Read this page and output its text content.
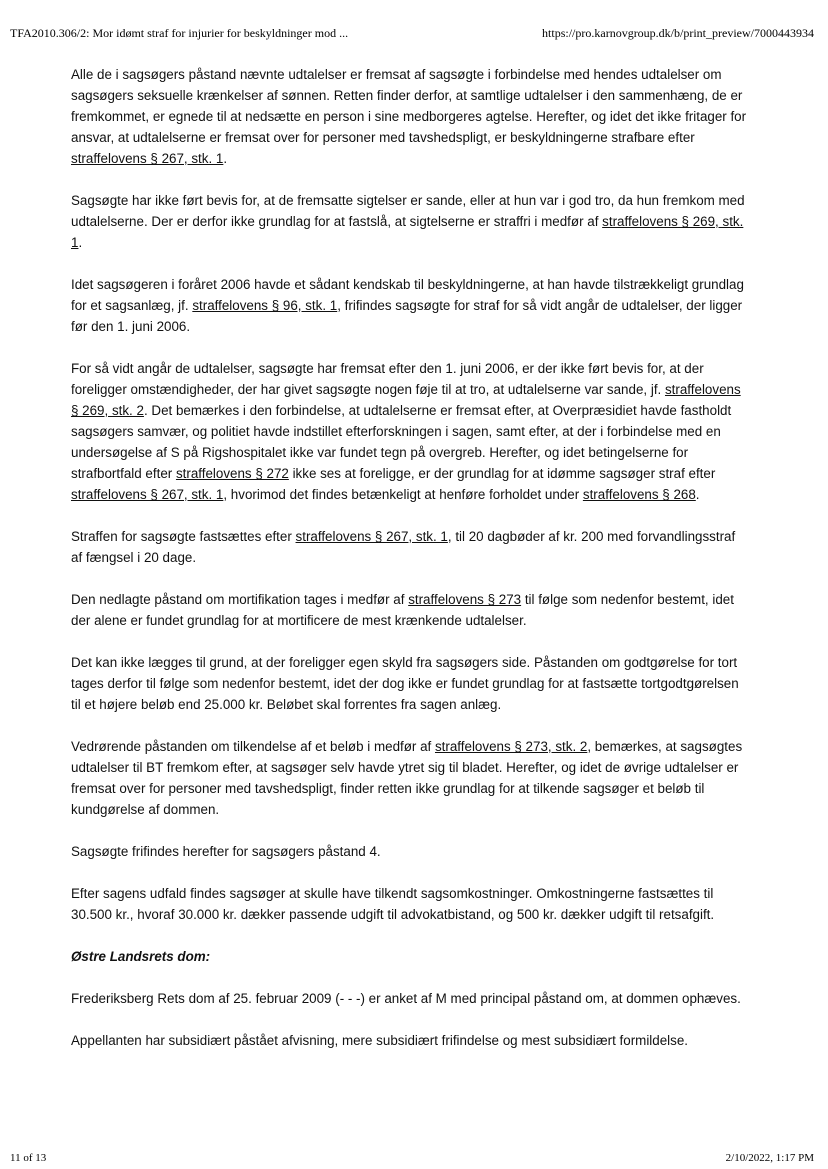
TFA2010.306/2: Mor idømt straf for injurier for beskyldninger mod ...	https://pro.karnovgroup.dk/b/print_preview/7000443934

Alle de i sagsøgers påstand nævnte udtalelser er fremsat af sagsøgte i forbindelse med hendes udtalelser om sagsøgers seksuelle krænkelser af sønnen. Retten finder derfor, at samtlige udtalelser i den sammenhæng, de er fremkommet, er egnede til at nedsætte en person i sine medborgeres agtelse. Herefter, og idet det ikke fritager for ansvar, at udtalelserne er fremsat over for personer med tavshedspligt, er beskyldningerne strafbare efter straffelovens § 267, stk. 1.

Sagsøgte har ikke ført bevis for, at de fremsatte sigtelser er sande, eller at hun var i god tro, da hun fremkom med udtalelserne. Der er derfor ikke grundlag for at fastslå, at sigtelserne er straffri i medfør af straffelovens § 269, stk. 1.

Idet sagsøgeren i foråret 2006 havde et sådant kendskab til beskyldningerne, at han havde tilstrækkeligt grundlag for et sagsanlæg, jf. straffelovens § 96, stk. 1, frifindes sagsøgte for straf for så vidt angår de udtalelser, der ligger før den 1. juni 2006.

For så vidt angår de udtalelser, sagsøgte har fremsat efter den 1. juni 2006, er der ikke ført bevis for, at der foreligger omstændigheder, der har givet sagsøgte nogen føje til at tro, at udtalelserne var sande, jf. straffelovens § 269, stk. 2. Det bemærkes i den forbindelse, at udtalelserne er fremsat efter, at Overpræsidiet havde fastholdt sagsøgers samvær, og politiet havde indstillet efterforskningen i sagen, samt efter, at der i forbindelse med en undersøgelse af S på Rigshospitalet ikke var fundet tegn på overgreb. Herefter, og idet betingelserne for strafbortfald efter straffelovens § 272 ikke ses at foreligge, er der grundlag for at idømme sagsøger straf efter straffelovens § 267, stk. 1, hvorimod det findes betænkeligt at henføre forholdet under straffelovens § 268.

Straffen for sagsøgte fastsættes efter straffelovens § 267, stk. 1, til 20 dagbøder af kr. 200 med forvandlingsstraf af fængsel i 20 dage.

Den nedlagte påstand om mortifikation tages i medfør af straffelovens § 273 til følge som nedenfor bestemt, idet der alene er fundet grundlag for at mortificere de mest krænkende udtalelser.

Det kan ikke lægges til grund, at der foreligger egen skyld fra sagsøgers side. Påstanden om godtgørelse for tort tages derfor til følge som nedenfor bestemt, idet der dog ikke er fundet grundlag for at fastsætte tortgodtgørelsen til et højere beløb end 25.000 kr. Beløbet skal forrentes fra sagen anlæg.

Vedrørende påstanden om tilkendelse af et beløb i medfør af straffelovens § 273, stk. 2, bemærkes, at sagsøgtes udtalelser til BT fremkom efter, at sagsøger selv havde ytret sig til bladet. Herefter, og idet de øvrige udtalelser er fremsat over for personer med tavshedspligt, finder retten ikke grundlag for at tilkende sagsøger et beløb til kundgørelse af dommen.

Sagsøgte frifindes herefter for sagsøgers påstand 4.

Efter sagens udfald findes sagsøger at skulle have tilkendt sagsomkostninger. Omkostningerne fastsættes til 30.500 kr., hvoraf 30.000 kr. dækker passende udgift til advokatbistand, og 500 kr. dækker udgift til retsafgift.

Østre Landsrets dom:

Frederiksberg Rets dom af 25. februar 2009 (- - -) er anket af M med principal påstand om, at dommen ophæves.

Appellanten har subsidiært påstået afvisning, mere subsidiært frifindelse og mest subsidiært formildelse.

11 of 13	2/10/2022, 1:17 PM
